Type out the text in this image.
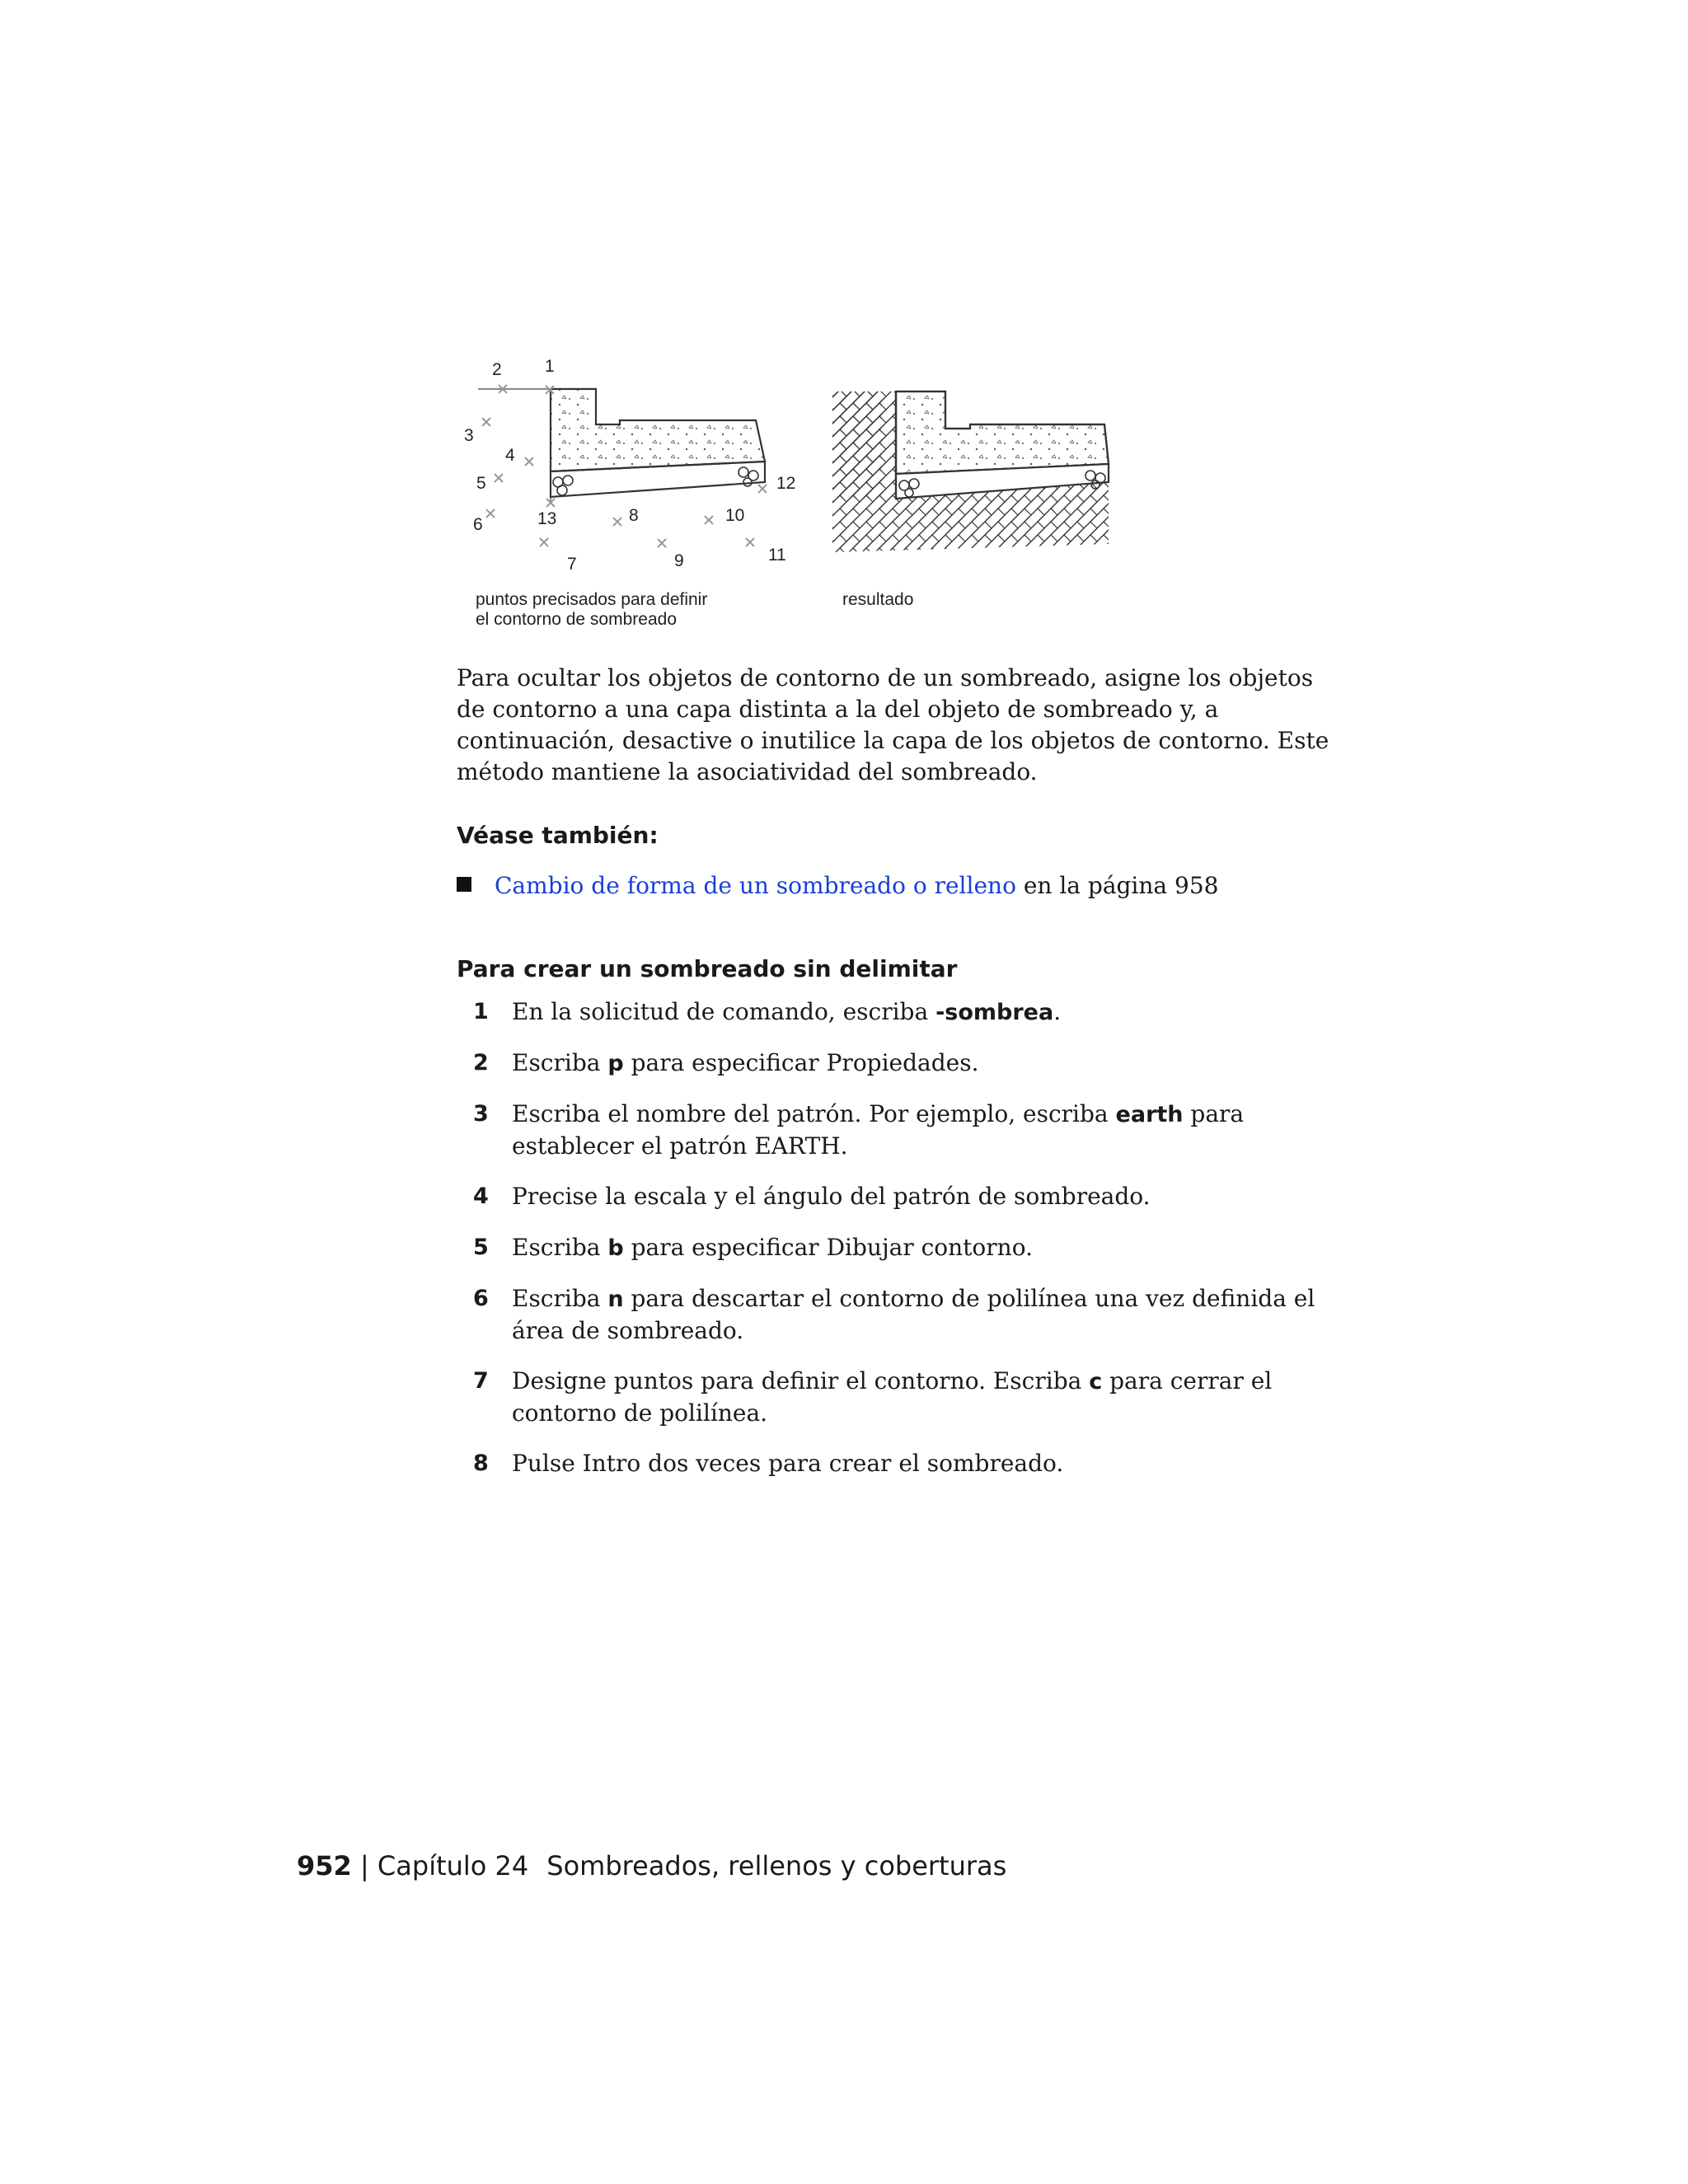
2 1
3
4
5
6	13	8	10
12
7	9	11
puntos precisados para definir
el contorno de sombreado
resultado

Para ocultar los objetos de contorno de un sombreado, asigne los objetos de contorno a una capa distinta a la del objeto de sombreado y, a continuación, desactive o inutilice la capa de los objetos de contorno. Este método mantiene la asociatividad del sombreado.

Véase también:
Cambio de forma de un sombreado o relleno en la página 958
Para crear un sombreado sin delimitar
1	En la solicitud de comando, escriba -sombrea.
2	Escriba p para especificar Propiedades.
3	Escriba el nombre del patrón. Por ejemplo, escriba earth para establecer el patrón EARTH.
4	Precise la escala y el ángulo del patrón de sombreado.
5	Escriba b para especificar Dibujar contorno.
6	Escriba n para descartar el contorno de polilínea una vez definida el área de sombreado.
7	Designe puntos para definir el contorno. Escriba c para cerrar el contorno de polilínea.
8	Pulse Intro dos veces para crear el sombreado.
952 | Capítulo 24 Sombreados, rellenos y coberturas
